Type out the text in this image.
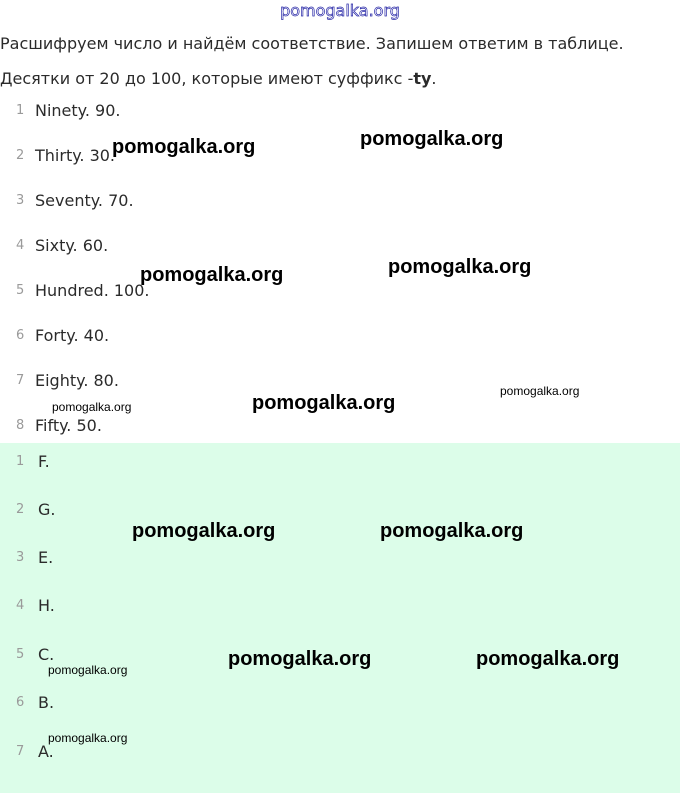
pomogalka.org

Расшифруем число и найдём соответствие. Запишем ответим в таблице.

Десятки от 20 до 100, которые имеют суффикс -ty.

1 Ninety. 90.
2 Thirty. 30.
3 Seventy. 70.
4 Sixty. 60.
5 Hundred. 100.
6 Forty. 40.
7 Eighty. 80.
8 Fifty. 50.
1 F.
2 G.
3 E.
4 H.
5 C.
6 B.
7 A.
pomogalka.org	pomogalka.org
pomogalka.org	pomogalka.org
pomogalka.org
pomogalka.org
pomogalka.org
pomogalka.org	pomogalka.org
pomogalka.org	pomogalka.org
pomogalka.org
pomogalka.org
